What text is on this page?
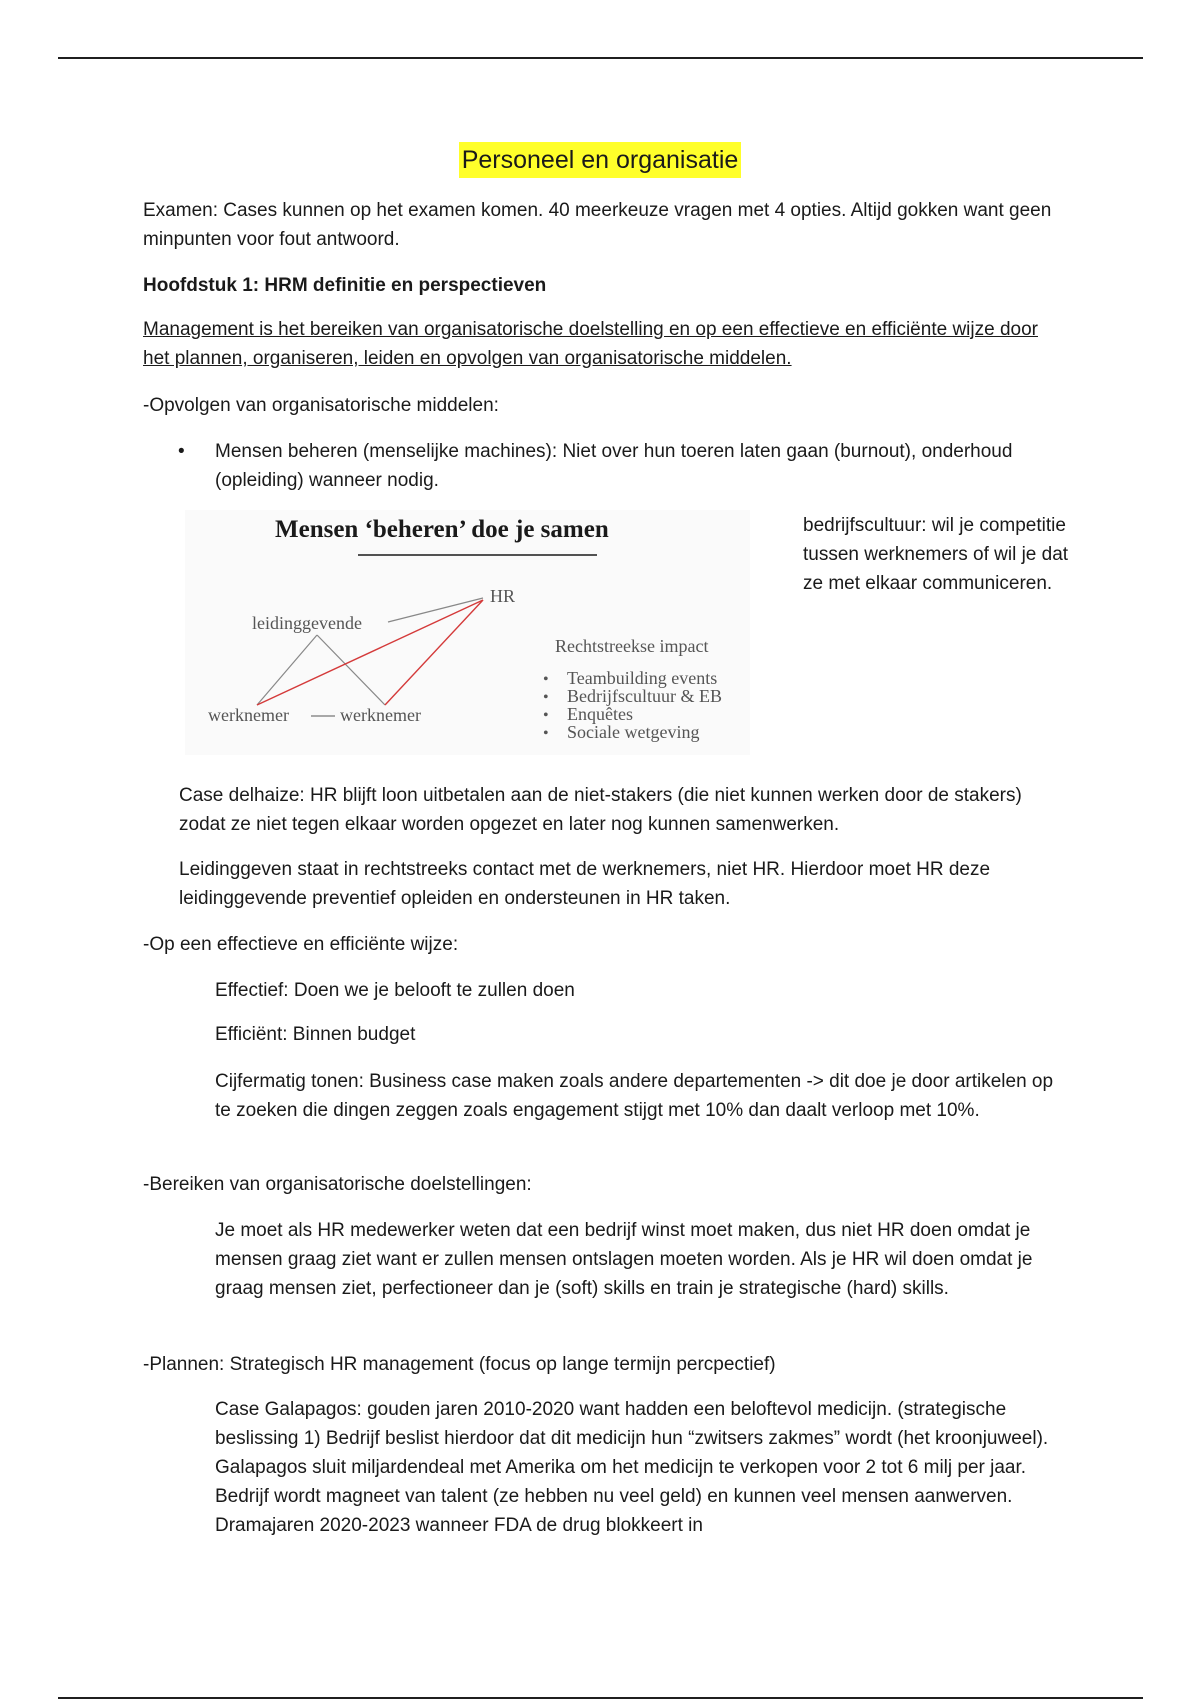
Personeel en organisatie
Examen: Cases kunnen op het examen komen. 40 meerkeuze vragen met 4 opties. Altijd gokken want geen minpunten voor fout antwoord.
Hoofdstuk 1: HRM definitie en perspectieven
Management is het bereiken van organisatorische doelstelling en op een effectieve en efficiënte wijze door het plannen, organiseren, leiden en opvolgen van organisatorische middelen.
-Opvolgen van organisatorische middelen:
• Mensen beheren (menselijke machines): Niet over hun toeren laten gaan (burnout), onderhoud (opleiding) wanneer nodig.
Mensen ‘beheren’ doe je samen
HR
leidinggevende
werknemer	werknemer
Rechtstreekse impact
• Teambuilding events
• Bedrijfscultuur & EB
• Enquêtes
• Sociale wetgeving
bedrijfscultuur: wil je competitie tussen werknemers of wil je dat ze met elkaar communiceren.
Case delhaize: HR blijft loon uitbetalen aan de niet-stakers (die niet kunnen werken door de stakers) zodat ze niet tegen elkaar worden opgezet en later nog kunnen samenwerken.
Leidinggeven staat in rechtstreeks contact met de werknemers, niet HR. Hierdoor moet HR deze leidinggevende preventief opleiden en ondersteunen in HR taken.
-Op een effectieve en efficiënte wijze:
Effectief: Doen we je belooft te zullen doen
Efficiënt: Binnen budget
Cijfermatig tonen: Business case maken zoals andere departementen -> dit doe je door artikelen op te zoeken die dingen zeggen zoals engagement stijgt met 10% dan daalt verloop met 10%.
-Bereiken van organisatorische doelstellingen:
Je moet als HR medewerker weten dat een bedrijf winst moet maken, dus niet HR doen omdat je mensen graag ziet want er zullen mensen ontslagen moeten worden. Als je HR wil doen omdat je graag mensen ziet, perfectioneer dan je (soft) skills en train je strategische (hard) skills.
-Plannen: Strategisch HR management (focus op lange termijn percpectief)
Case Galapagos: gouden jaren 2010-2020 want hadden een beloftevol medicijn. (strategische beslissing 1) Bedrijf beslist hierdoor dat dit medicijn hun “zwitsers zakmes” wordt (het kroonjuweel). Galapagos sluit miljardendeal met Amerika om het medicijn te verkopen voor 2 tot 6 milj per jaar. Bedrijf wordt magneet van talent (ze hebben nu veel geld) en kunnen veel mensen aanwerven. Dramajaren 2020-2023 wanneer FDA de drug blokkeert in
